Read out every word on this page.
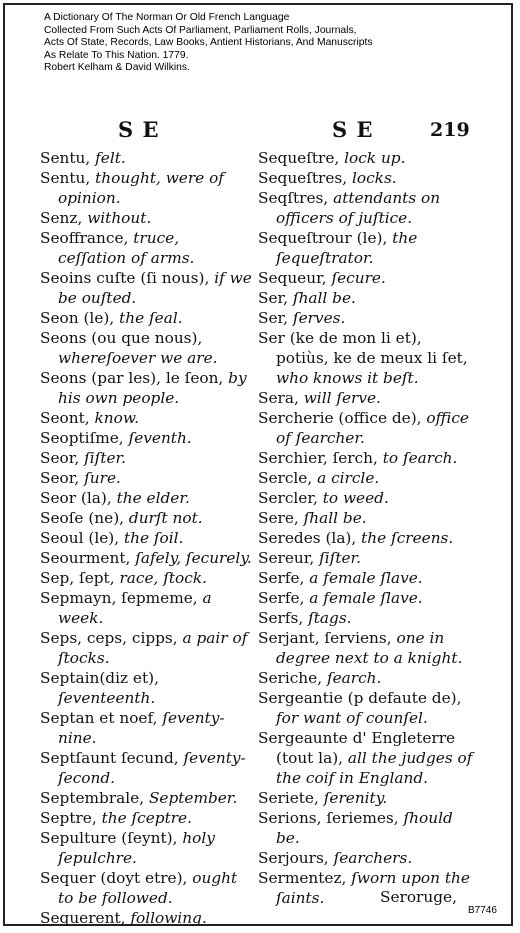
A Dictionary Of The Norman Or Old French Language
Collected From Such Acts Of Parliament, Parliament Rolls, Journals,
Acts Of State, Records, Law Books, Antient Historians, And Manuscripts
As Relate To This Nation. 1779.
Robert Kelham & David Wilkins.
S E	S E	219
Sentu, felt.
Sentu, thought, were of opinion.
Senz, without.
Seoffrance, truce, ceſſation of arms.
Seoins cuſte (ſi nous), if we be ouſted.
Seon (le), the ſeal.
Seons (ou que nous), whereſoever we are.
Seons (par les), le ſeon, by his own people.
Seont, know.
Seoptiſme, ſeventh.
Seor, ſiſter.
Seor, ſure.
Seor (la), the elder.
Seoſe (ne), durſt not.
Seoul (le), the ſoil.
Seourment, ſafely, ſecurely.
Sep, ſept, race, ſtock.
Sepmayn, ſepmeme, a week.
Seps, ceps, cipps, a pair of ſtocks.
Septain(diz et), ſeventeenth.
Septan et noef, ſeventy-nine.
Septſaunt ſecund, ſeventy-ſecond.
Septembrale, September.
Septre, the ſceptre.
Sepulture (ſeynt), holy ſepulchre.
Sequer (doyt etre), ought to be followed.
Sequerent, following.
Sequeſtre, lock up.
Sequeſtres, locks.
Seqſtres, attendants on officers of juſtice.
Sequeſtrour (le), the ſequeſtrator.
Sequeur, ſecure.
Ser, ſhall be.
Ser, ſerves.
Ser (ke de mon li et), potiùs, ke de meux li ſet, who knows it beſt.
Sera, will ſerve.
Sercherie (office de), office of ſearcher.
Serchier, ſerch, to ſearch.
Sercle, a circle.
Sercler, to weed.
Sere, ſhall be.
Seredes (la), the ſcreens.
Sereur, ſiſter.
Serfe, a female ſlave.
Serfe, a female ſlave.
Serfs, ſtags.
Serjant, ſerviens, one in degree next to a knight.
Seriche, ſearch.
Sergeantie (p defaute de), for want of counſel.
Sergeaunte d' Engleterre (tout la), all the judges of the coif in England.
Seriete, ſerenity.
Serions, ſeriemes, ſhould be.
Serjours, ſearchers.
Sermentez, ſworn upon the ſaints.	Seroruge,
B7746
